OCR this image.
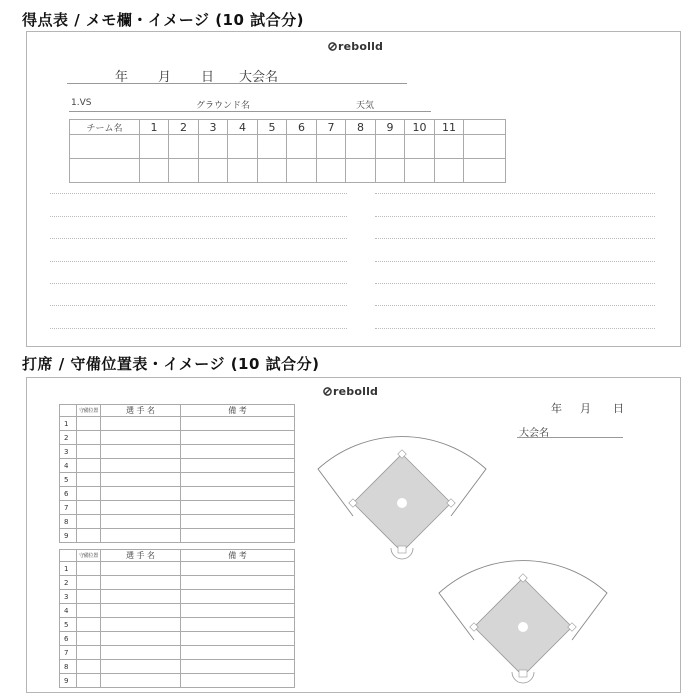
得点表 / メモ欄・イメージ (10 試合分)
rebolld
年 月 日 大会名
1.VS	グラウンド名	天気
チーム名	1	2	3	4	5	6	7	8	9	10	11	

打席 / 守備位置表・イメージ (10 試合分)
rebolld
	守備位置	選 手 名	備 考
1			
2			
3			
4			
5			
6			
7			
8			
9			
	守備位置	選 手 名	備 考
1			
2			
3			
4			
5			
6			
7			
8			
9			
年 月 日
大会名
